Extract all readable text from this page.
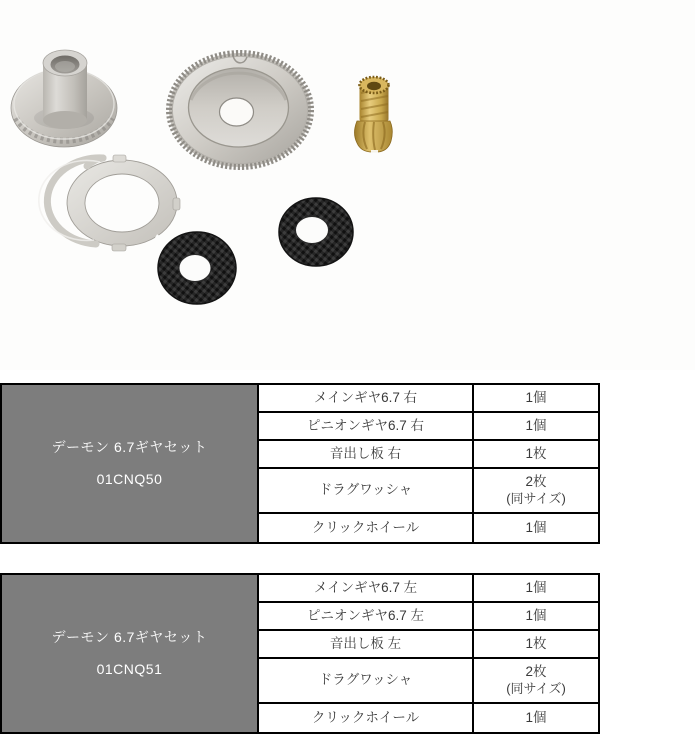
デーモン 6.7ギヤセット
01CNQ50	メインギヤ6.7 右	1個
	ピニオンギヤ6.7 右	1個
	音出し板 右	1枚
	ドラグワッシャ	2枚
(同サイズ)

	クリックホイール	1個
デーモン 6.7ギヤセット
01CNQ51	メインギヤ6.7 左	1個
	ピニオンギヤ6.7 左	1個
	音出し板 左	1枚
	ドラグワッシャ	2枚
(同サイズ)

	クリックホイール	1個
